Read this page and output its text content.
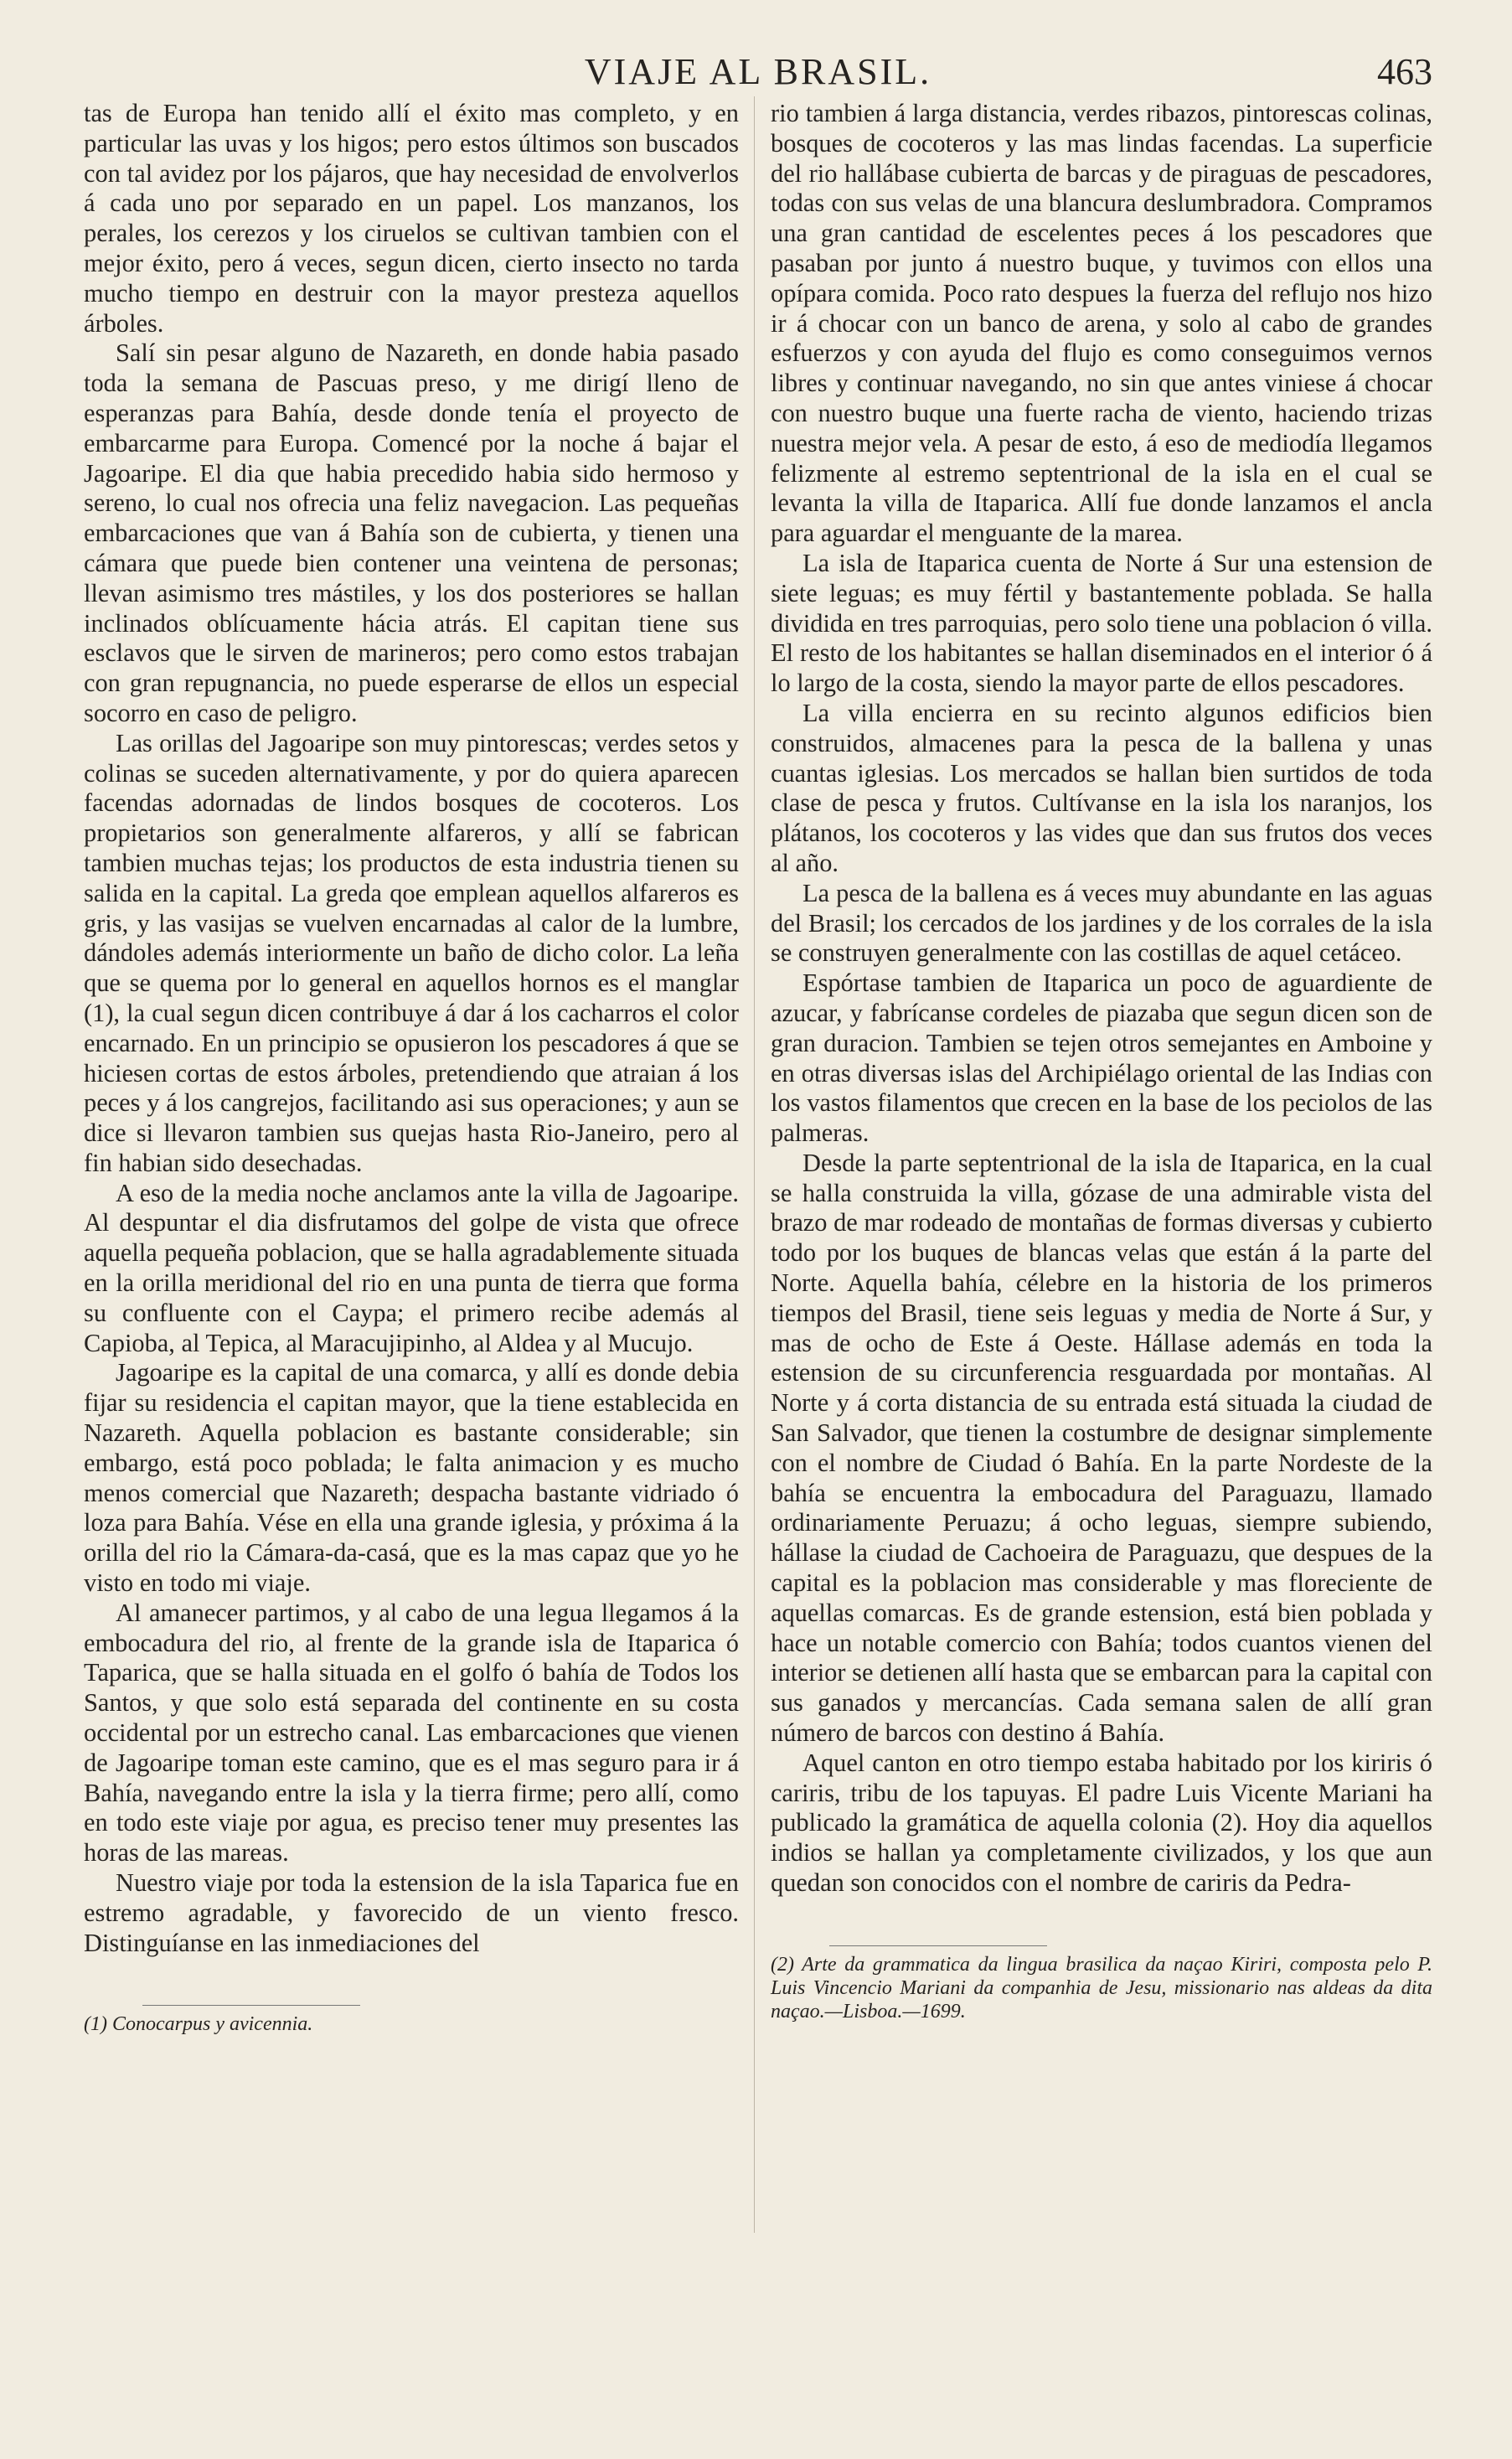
VIAJE AL BRASIL.	463

tas de Europa han tenido allí el éxito mas completo, y en particular las uvas y los higos; pero estos últimos son buscados con tal avidez por los pájaros, que hay necesidad de envolverlos á cada uno por separado en un papel. Los manzanos, los perales, los cerezos y los ciruelos se cultivan tambien con el mejor éxito, pero á veces, segun dicen, cierto insecto no tarda mucho tiempo en destruir con la mayor presteza aquellos árboles.

Salí sin pesar alguno de Nazareth, en donde habia pasado toda la semana de Pascuas preso, y me dirigí lleno de esperanzas para Bahía, desde donde tenía el proyecto de embarcarme para Europa. Comencé por la noche á bajar el Jagoaripe. El dia que habia precedido habia sido hermoso y sereno, lo cual nos ofrecia una feliz navegacion. Las pequeñas embarcaciones que van á Bahía son de cubierta, y tienen una cámara que puede bien contener una veintena de personas; llevan asimismo tres mástiles, y los dos posteriores se hallan inclinados oblícuamente hácia atrás. El capitan tiene sus esclavos que le sirven de marineros; pero como estos trabajan con gran repugnancia, no puede esperarse de ellos un especial socorro en caso de peligro.

Las orillas del Jagoaripe son muy pintorescas; verdes setos y colinas se suceden alternativamente, y por do quiera aparecen facendas adornadas de lindos bosques de cocoteros. Los propietarios son generalmente alfareros, y allí se fabrican tambien muchas tejas; los productos de esta industria tienen su salida en la capital. La greda qoe emplean aquellos alfareros es gris, y las vasijas se vuelven encarnadas al calor de la lumbre, dándoles además interiormente un baño de dicho color. La leña que se quema por lo general en aquellos hornos es el manglar (1), la cual segun dicen contribuye á dar á los cacharros el color encarnado. En un principio se opusieron los pescadores á que se hiciesen cortas de estos árboles, pretendiendo que atraian á los peces y á los cangrejos, facilitando asi sus operaciones; y aun se dice si llevaron tambien sus quejas hasta Rio-Janeiro, pero al fin habian sido desechadas.

A eso de la media noche anclamos ante la villa de Jagoaripe. Al despuntar el dia disfrutamos del golpe de vista que ofrece aquella pequeña poblacion, que se halla agradablemente situada en la orilla meridional del rio en una punta de tierra que forma su confluente con el Caypa; el primero recibe además al Capioba, al Tepica, al Maracujipinho, al Aldea y al Mucujo.

Jagoaripe es la capital de una comarca, y allí es donde debia fijar su residencia el capitan mayor, que la tiene establecida en Nazareth. Aquella poblacion es bastante considerable; sin embargo, está poco poblada; le falta animacion y es mucho menos comercial que Nazareth; despacha bastante vidriado ó loza para Bahía. Vése en ella una grande iglesia, y próxima á la orilla del rio la Cámara-da-casá, que es la mas capaz que yo he visto en todo mi viaje.

Al amanecer partimos, y al cabo de una legua llegamos á la embocadura del rio, al frente de la grande isla de Itaparica ó Taparica, que se halla situada en el golfo ó bahía de Todos los Santos, y que solo está separada del continente en su costa occidental por un estrecho canal. Las embarcaciones que vienen de Jagoaripe toman este camino, que es el mas seguro para ir á Bahía, navegando entre la isla y la tierra firme; pero allí, como en todo este viaje por agua, es preciso tener muy presentes las horas de las mareas.

Nuestro viaje por toda la estension de la isla Taparica fue en estremo agradable, y favorecido de un viento fresco. Distinguíanse en las inmediaciones del

(1) Conocarpus y avicennia.

rio tambien á larga distancia, verdes ribazos, pintorescas colinas, bosques de cocoteros y las mas lindas facendas. La superficie del rio hallábase cubierta de barcas y de piraguas de pescadores, todas con sus velas de una blancura deslumbradora. Compramos una gran cantidad de escelentes peces á los pescadores que pasaban por junto á nuestro buque, y tuvimos con ellos una opípara comida. Poco rato despues la fuerza del reflujo nos hizo ir á chocar con un banco de arena, y solo al cabo de grandes esfuerzos y con ayuda del flujo es como conseguimos vernos libres y continuar navegando, no sin que antes viniese á chocar con nuestro buque una fuerte racha de viento, haciendo trizas nuestra mejor vela. A pesar de esto, á eso de mediodía llegamos felizmente al estremo septentrional de la isla en el cual se levanta la villa de Itaparica. Allí fue donde lanzamos el ancla para aguardar el menguante de la marea.

La isla de Itaparica cuenta de Norte á Sur una estension de siete leguas; es muy fértil y bastantemente poblada. Se halla dividida en tres parroquias, pero solo tiene una poblacion ó villa. El resto de los habitantes se hallan diseminados en el interior ó á lo largo de la costa, siendo la mayor parte de ellos pescadores.

La villa encierra en su recinto algunos edificios bien construidos, almacenes para la pesca de la ballena y unas cuantas iglesias. Los mercados se hallan bien surtidos de toda clase de pesca y frutos. Cultívanse en la isla los naranjos, los plátanos, los cocoteros y las vides que dan sus frutos dos veces al año.

La pesca de la ballena es á veces muy abundante en las aguas del Brasil; los cercados de los jardines y de los corrales de la isla se construyen generalmente con las costillas de aquel cetáceo.

Espórtase tambien de Itaparica un poco de aguardiente de azucar, y fabrícanse cordeles de piazaba que segun dicen son de gran duracion. Tambien se tejen otros semejantes en Amboine y en otras diversas islas del Archipiélago oriental de las Indias con los vastos filamentos que crecen en la base de los peciolos de las palmeras.

Desde la parte septentrional de la isla de Itaparica, en la cual se halla construida la villa, gózase de una admirable vista del brazo de mar rodeado de montañas de formas diversas y cubierto todo por los buques de blancas velas que están á la parte del Norte. Aquella bahía, célebre en la historia de los primeros tiempos del Brasil, tiene seis leguas y media de Norte á Sur, y mas de ocho de Este á Oeste. Hállase además en toda la estension de su circunferencia resguardada por montañas. Al Norte y á corta distancia de su entrada está situada la ciudad de San Salvador, que tienen la costumbre de designar simplemente con el nombre de Ciudad ó Bahía. En la parte Nordeste de la bahía se encuentra la embocadura del Paraguazu, llamado ordinariamente Peruazu; á ocho leguas, siempre subiendo, hállase la ciudad de Cachoeira de Paraguazu, que despues de la capital es la poblacion mas considerable y mas floreciente de aquellas comarcas. Es de grande estension, está bien poblada y hace un notable comercio con Bahía; todos cuantos vienen del interior se detienen allí hasta que se embarcan para la capital con sus ganados y mercancías. Cada semana salen de allí gran número de barcos con destino á Bahía.

Aquel canton en otro tiempo estaba habitado por los kiriris ó cariris, tribu de los tapuyas. El padre Luis Vicente Mariani ha publicado la gramática de aquella colonia (2). Hoy dia aquellos indios se hallan ya completamente civilizados, y los que aun quedan son conocidos con el nombre de cariris da Pedra-

(2) Arte da grammatica da lingua brasilica da naçao Kiriri, composta pelo P. Luis Vincencio Mariani da companhia de Jesu, missionario nas aldeas da dita naçao.—Lisboa.—1699.
